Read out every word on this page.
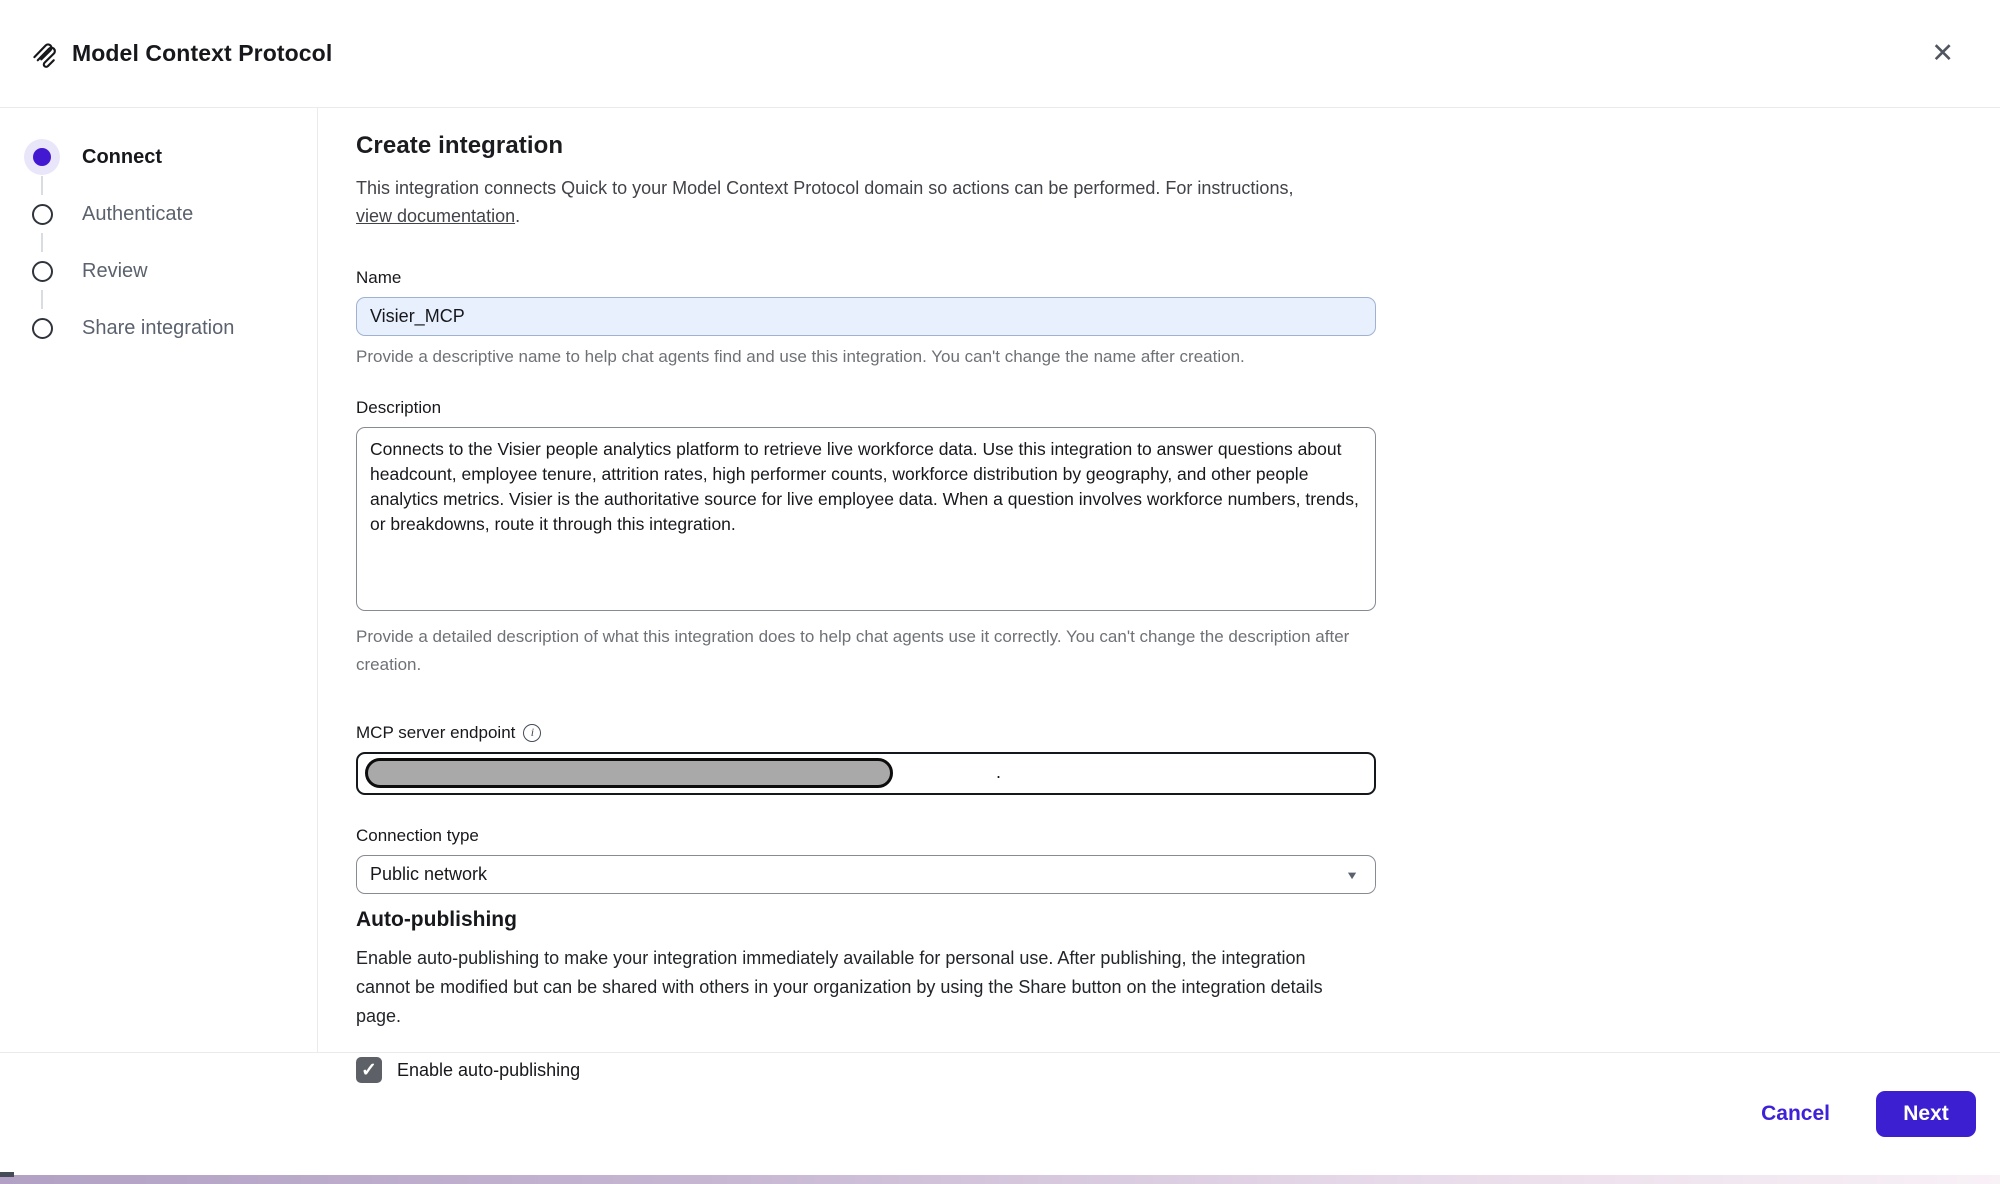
Model Context Protocol	✕
Connect
Authenticate
Review
Share integration
Create integration
This integration connects Quick to your Model Context Protocol domain so actions can be performed. For instructions, view documentation.
Name
Visier_MCP
Provide a descriptive name to help chat agents find and use this integration. You can't change the name after creation.
Description
Connects to the Visier people analytics platform to retrieve live workforce data. Use this integration to answer questions about headcount, employee tenure, attrition rates, high performer counts, workforce distribution by geography, and other people analytics metrics. Visier is the authoritative source for live employee data. When a question involves workforce numbers, trends, or breakdowns, route it through this integration.
Provide a detailed description of what this integration does to help chat agents use it correctly. You can't change the description after creation.
MCP server endpoint	i
.
Connection type
Public network	▼
Auto-publishing
Enable auto-publishing to make your integration immediately available for personal use. After publishing, the integration cannot be modified but can be shared with others in your organization by using the Share button on the integration details page.
✓ Enable auto-publishing
Cancel	Next
